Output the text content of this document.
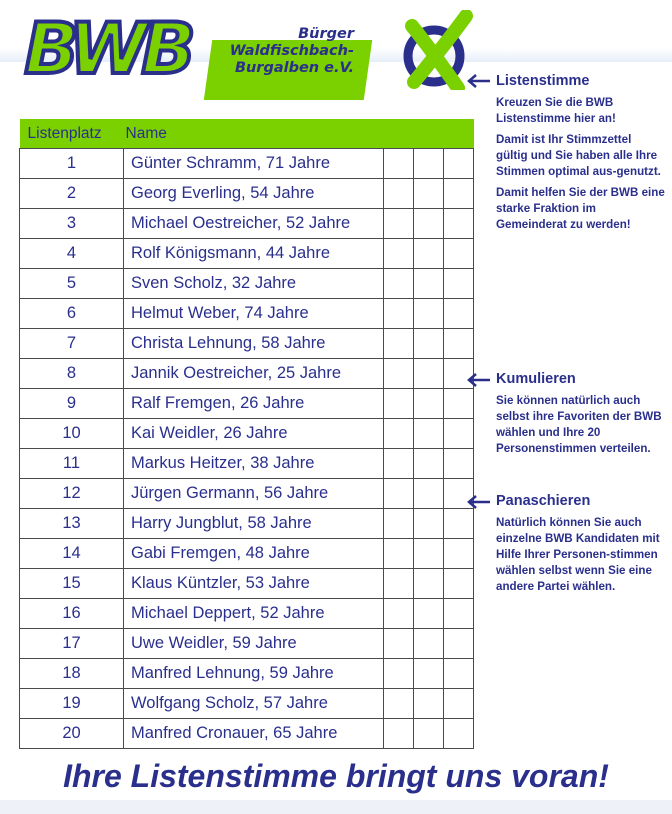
BWB	Bürger
Waldfischbach-
Burgalben e.V.
Listenplatz	Name			
1	Günter Schramm, 71 Jahre			
2	Georg Everling, 54 Jahre			
3	Michael Oestreicher, 52 Jahre			
4	Rolf Königsmann, 44 Jahre			
5	Sven Scholz, 32 Jahre			
6	Helmut Weber, 74 Jahre			
7	Christa Lehnung, 58 Jahre			
8	Jannik Oestreicher, 25 Jahre			
9	Ralf Fremgen, 26 Jahre			
10	Kai Weidler, 26 Jahre			
11	Markus Heitzer, 38 Jahre			
12	Jürgen Germann, 56 Jahre			
13	Harry Jungblut, 58 Jahre			
14	Gabi Fremgen, 48 Jahre			
15	Klaus Küntzler, 53 Jahre			
16	Michael Deppert, 52 Jahre			
17	Uwe Weidler, 59 Jahre			
18	Manfred Lehnung, 59 Jahre			
19	Wolfgang Scholz, 57 Jahre			
20	Manfred Cronauer, 65 Jahre			
Listenstimme

Kreuzen Sie die BWB Listenstimme hier an!

Damit ist Ihr Stimmzettel gültig und Sie haben alle Ihre Stimmen optimal aus-genutzt.

Damit helfen Sie der BWB eine starke Fraktion im Gemeinderat zu werden!

Kumulieren

Sie können natürlich auch selbst ihre Favoriten der BWB wählen und Ihre 20 Personenstimmen verteilen.

Panaschieren

Natürlich können Sie auch einzelne BWB Kandidaten mit Hilfe Ihrer Personen-stimmen wählen selbst wenn Sie eine andere Partei wählen.

Ihre Listenstimme bringt uns voran!
